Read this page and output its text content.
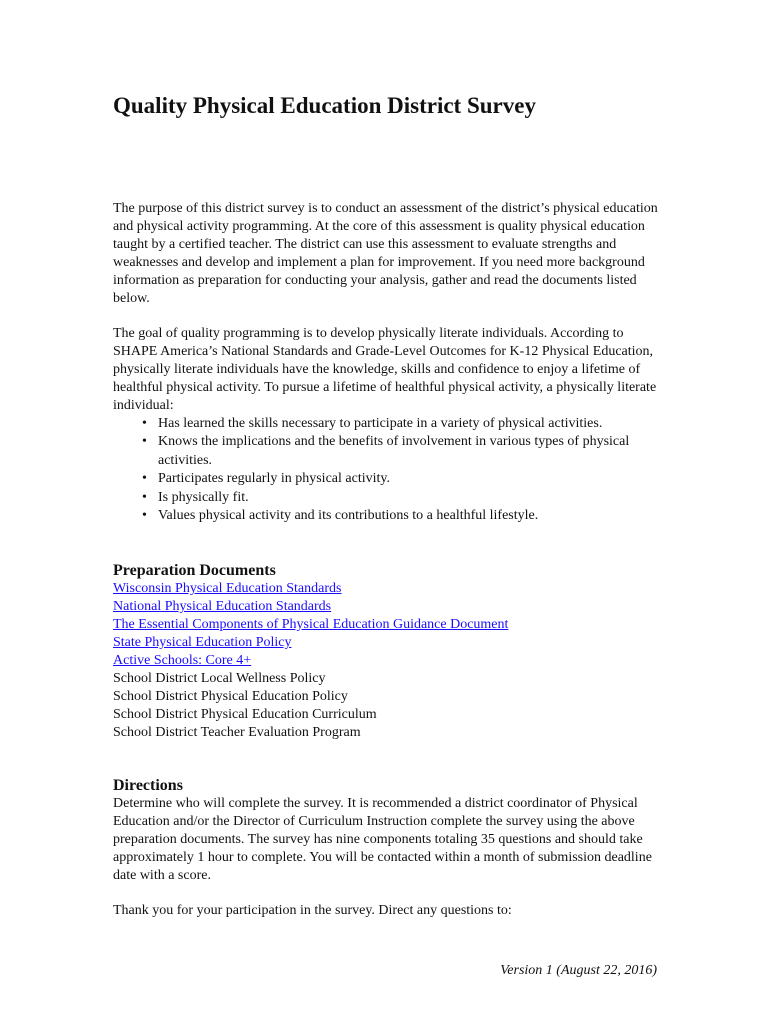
Quality Physical Education District Survey

The purpose of this district survey is to conduct an assessment of the district’s physical education and physical activity programming. At the core of this assessment is quality physical education taught by a certified teacher. The district can use this assessment to evaluate strengths and weaknesses and develop and implement a plan for improvement. If you need more background information as preparation for conducting your analysis, gather and read the documents listed below.

The goal of quality programming is to develop physically literate individuals. According to SHAPE America’s National Standards and Grade-Level Outcomes for K-12 Physical Education, physically literate individuals have the knowledge, skills and confidence to enjoy a lifetime of healthful physical activity. To pursue a lifetime of healthful physical activity, a physically literate individual:

• Has learned the skills necessary to participate in a variety of physical activities.
• Knows the implications and the benefits of involvement in various types of physical activities.
• Participates regularly in physical activity.
• Is physically fit.
• Values physical activity and its contributions to a healthful lifestyle.
Preparation Documents
Wisconsin Physical Education Standards
National Physical Education Standards
The Essential Components of Physical Education Guidance Document
State Physical Education Policy
Active Schools: Core 4+
School District Local Wellness Policy
School District Physical Education Policy
School District Physical Education Curriculum
School District Teacher Evaluation Program
Directions

Determine who will complete the survey. It is recommended a district coordinator of Physical Education and/or the Director of Curriculum Instruction complete the survey using the above preparation documents. The survey has nine components totaling 35 questions and should take approximately 1 hour to complete. You will be contacted within a month of submission deadline date with a score.

Thank you for your participation in the survey. Direct any questions to:

Version 1 (August 22, 2016)
